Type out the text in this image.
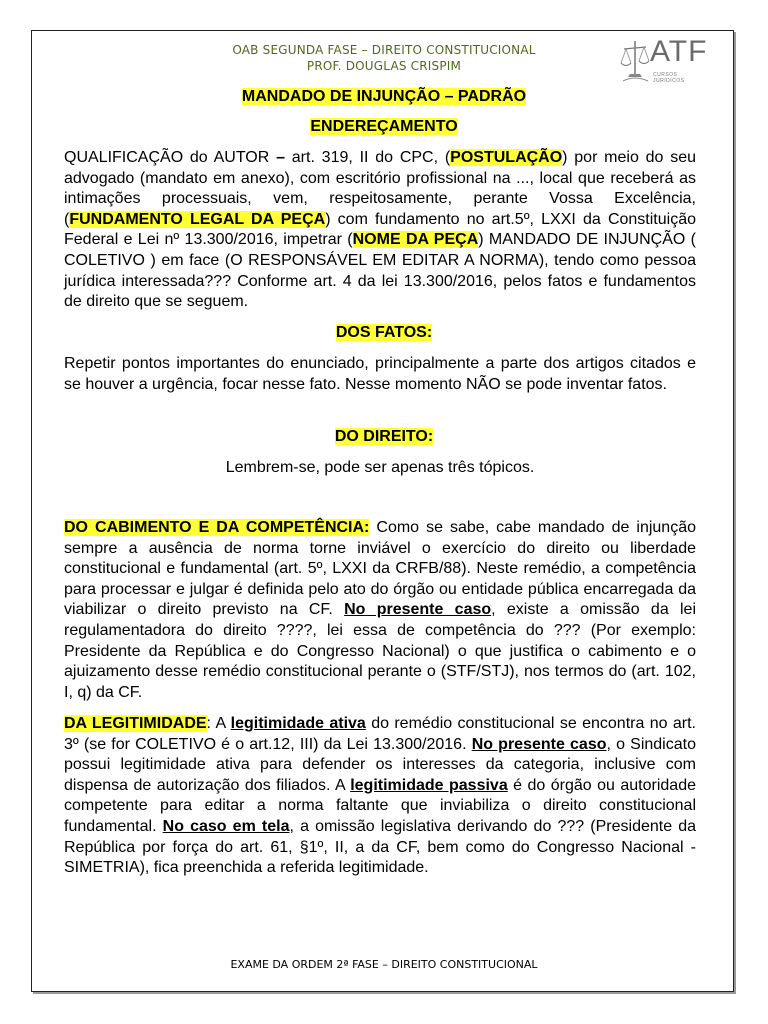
OAB SEGUNDA FASE – DIREITO CONSTITUCIONAL
PROF. DOUGLAS CRISPIM	ATF
CURSOS JURÍDICOS
MANDADO DE INJUNÇÃO – PADRÃO
ENDEREÇAMENTO
QUALIFICAÇÃO do AUTOR – art. 319, II do CPC, (POSTULAÇÃO) por meio do seu advogado (mandato em anexo), com escritório profissional na ..., local que receberá as intimações processuais, vem, respeitosamente, perante Vossa Excelência, (FUNDAMENTO LEGAL DA PEÇA) com fundamento no art.5º, LXXI da Constituição Federal e Lei nº 13.300/2016, impetrar (NOME DA PEÇA) MANDADO DE INJUNÇÃO ( COLETIVO ) em face (O RESPONSÁVEL EM EDITAR A NORMA), tendo como pessoa jurídica interessada??? Conforme art. 4 da lei 13.300/2016, pelos fatos e fundamentos de direito que se seguem.
DOS FATOS:
Repetir pontos importantes do enunciado, principalmente a parte dos artigos citados e se houver a urgência, focar nesse fato. Nesse momento NÃO se pode inventar fatos.
DO DIREITO:
Lembrem-se, pode ser apenas três tópicos.
DO CABIMENTO E DA COMPETÊNCIA: Como se sabe, cabe mandado de injunção sempre a ausência de norma torne inviável o exercício do direito ou liberdade constitucional e fundamental (art. 5º, LXXI da CRFB/88). Neste remédio, a competência para processar e julgar é definida pelo ato do órgão ou entidade pública encarregada da viabilizar o direito previsto na CF. No presente caso, existe a omissão da lei regulamentadora do direito ????, lei essa de competência do ??? (Por exemplo: Presidente da República e do Congresso Nacional) o que justifica o cabimento e o ajuizamento desse remédio constitucional perante o (STF/STJ), nos termos do (art. 102, I, q) da CF.
DA LEGITIMIDADE: A legitimidade ativa do remédio constitucional se encontra no art. 3º (se for COLETIVO é o art.12, III) da Lei 13.300/2016. No presente caso, o Sindicato possui legitimidade ativa para defender os interesses da categoria, inclusive com dispensa de autorização dos filiados. A legitimidade passiva é do órgão ou autoridade competente para editar a norma faltante que inviabiliza o direito constitucional fundamental. No caso em tela, a omissão legislativa derivando do ??? (Presidente da República por força do art. 61, §1º, II, a da CF, bem como do Congresso Nacional - SIMETRIA), fica preenchida a referida legitimidade.
EXAME DA ORDEM 2ª FASE – DIREITO CONSTITUCIONAL
